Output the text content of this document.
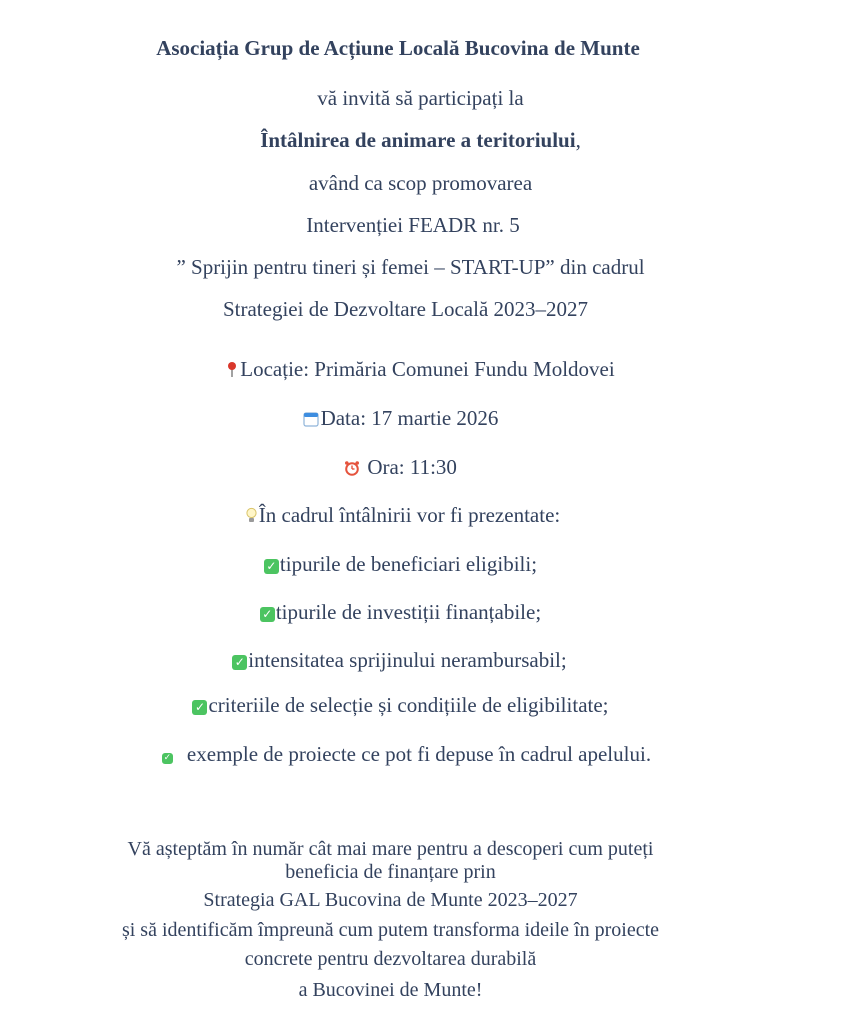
Asociația Grup de Acțiune Locală Bucovina de Munte
vă invită să participați la
Întâlnirea de animare a teritoriului,
având ca scop promovarea
Intervenției FEADR nr. 5
” Sprijin pentru tineri și femei – START-UP” din cadrul
Strategiei de Dezvoltare Locală 2023–2027
Locație: Primăria Comunei Fundu Moldovei
Data: 17 martie 2026
Ora: 11:30
În cadrul întâlnirii vor fi prezentate:
✓ tipurile de beneficiari eligibili;
✓ tipurile de investiții finanțabile;
✓ intensitatea sprijinului nerambursabil;
✓ criteriile de selecție și condițiile de eligibilitate;
✓ exemple de proiecte ce pot fi depuse în cadrul apelului.
Vă așteptăm în număr cât mai mare pentru a descoperi cum puteți
beneficia de finanțare prin
Strategia GAL Bucovina de Munte 2023–2027
și să identificăm împreună cum putem transforma ideile în proiecte
concrete pentru dezvoltarea durabilă
a Bucovinei de Munte!
